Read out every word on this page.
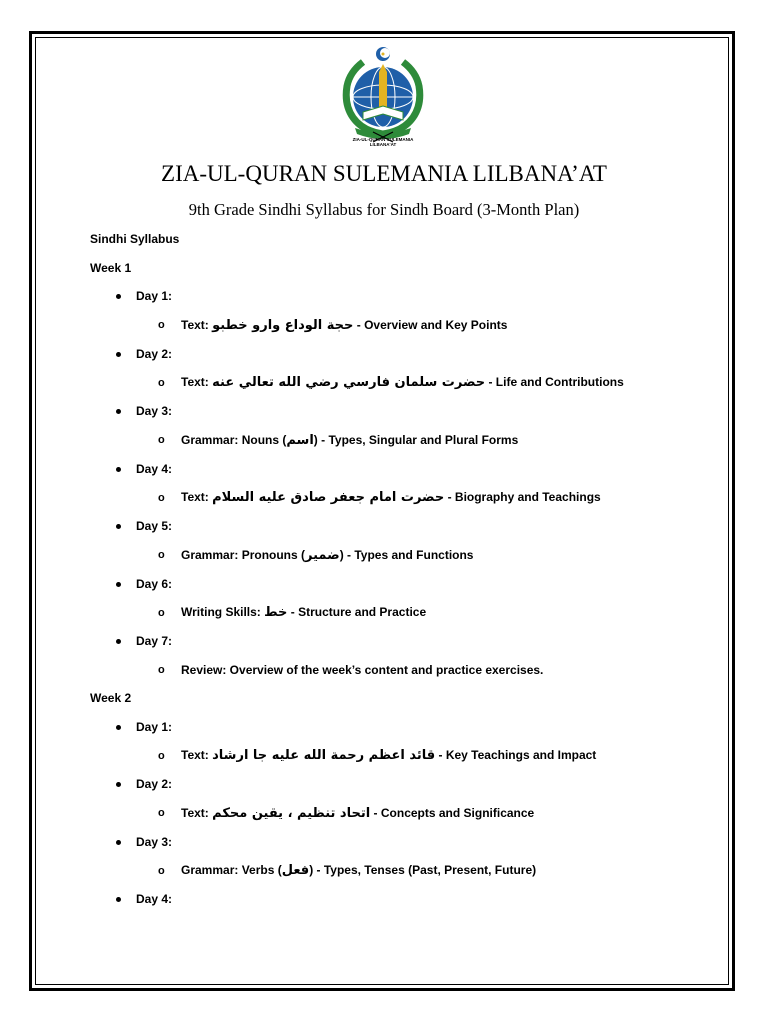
ZIA-UL-QURAN SULEMANIA
LILBANA'AT
ZIA-UL-QURAN SULEMANIA LILBANA’AT
9th Grade Sindhi Syllabus for Sindh Board (3-Month Plan)
Sindhi Syllabus
Week 1
Day 1:
o Text: حجة الوداع وارو خطبو - Overview and Key Points
Day 2:
o Text: حضرت سلمان فارسي رضي الله تعالي عنه - Life and Contributions
Day 3:
o Grammar: Nouns (اسم) - Types, Singular and Plural Forms
Day 4:
o Text: حضرت امام جعفر صادق عليه السلام - Biography and Teachings
Day 5:
o Grammar: Pronouns (ضمير) - Types and Functions
Day 6:
o Writing Skills: خط - Structure and Practice
Day 7:
o Review: Overview of the week’s content and practice exercises.
Week 2
Day 1:
o Text: قائد اعظم رحمة الله عليه جا ارشاد - Key Teachings and Impact
Day 2:
o Text: اتحاد تنظيم ، يقين محكم - Concepts and Significance
Day 3:
o Grammar: Verbs (فعل) - Types, Tenses (Past, Present, Future)
Day 4:
